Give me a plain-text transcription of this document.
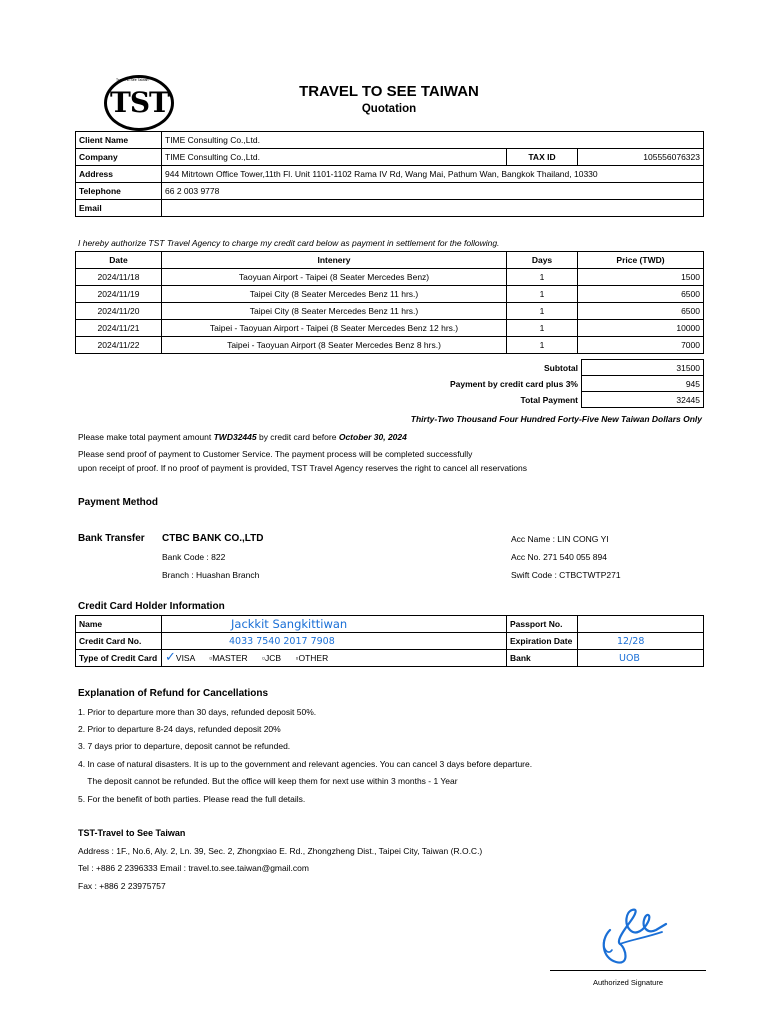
Travel to See Taiwan
TST	TRAVEL TO SEE TAIWAN
Quotation
Client Name	TIME Consulting Co.,Ltd.		
Company	TIME Consulting Co.,Ltd.	TAX ID	105556076323
Address	944 Mitrtown Office Tower,11th Fl. Unit 1101-1102 Rama IV Rd, Wang Mai, Pathum Wan, Bangkok Thailand, 10330		
Telephone	66 2 003 9778		
Email			
I hereby authorize TST Travel Agency to charge my credit card below as payment in settlement for the following.
Date	Intenery	Days	Price (TWD)
2024/11/18	Taoyuan Airport - Taipei (8 Seater Mercedes Benz)	1	1500
2024/11/19	Taipei City (8 Seater Mercedes Benz 11 hrs.)	1	6500
2024/11/20	Taipei City (8 Seater Mercedes Benz 11 hrs.)	1	6500
2024/11/21	Taipei - Taoyuan Airport - Taipei (8 Seater Mercedes Benz 12 hrs.)	1	10000
2024/11/22	Taipei - Taoyuan Airport (8 Seater Mercedes Benz 8 hrs.)	1	7000
Subtotal	31500
Payment by credit card plus 3%	945
Total Payment	32445
Thirty-Two Thousand Four Hundred Forty-Five New Taiwan Dollars Only
Please make total payment amount TWD32445 by credit card before October 30, 2024
Please send proof of payment to Customer Service. The payment process will be completed successfully
upon receipt of proof. If no proof of payment is provided, TST Travel Agency reserves the right to cancel all reservations
Payment Method
Bank Transfer CTBC BANK CO.,LTD
Bank Code : 822
Branch : Huashan Branch
Acc Name : LIN CONG YI
Acc No. 271 540 055 894
Swift Code : CTBCTWTP271
Credit Card Holder Information
Name	Jackkit Sangkittiwan	Passport No.	
Credit Card No.	4033 7540 2017 7908	Expiration Date	12/28
Type of Credit Card	✓VISA ▫MASTER ▫JCB ▫OTHER	Bank	UOB
Explanation of Refund for Cancellations
1. Prior to departure more than 30 days, refunded deposit 50%.
2. Prior to departure 8-24 days, refunded deposit 20%
3. 7 days prior to departure, deposit cannot be refunded.
4. In case of natural disasters. It is up to the government and relevant agencies. You can cancel 3 days before departure.
The deposit cannot be refunded. But the office will keep them for next use within 3 months - 1 Year
5. For the benefit of both parties. Please read the full details.
TST-Travel to See Taiwan
Address : 1F., No.6, Aly. 2, Ln. 39, Sec. 2, Zhongxiao E. Rd., Zhongzheng Dist., Taipei City, Taiwan (R.O.C.)
Tel : +886 2 2396333 Email : travel.to.see.taiwan@gmail.com
Fax : +886 2 23975757
Authorized Signature
